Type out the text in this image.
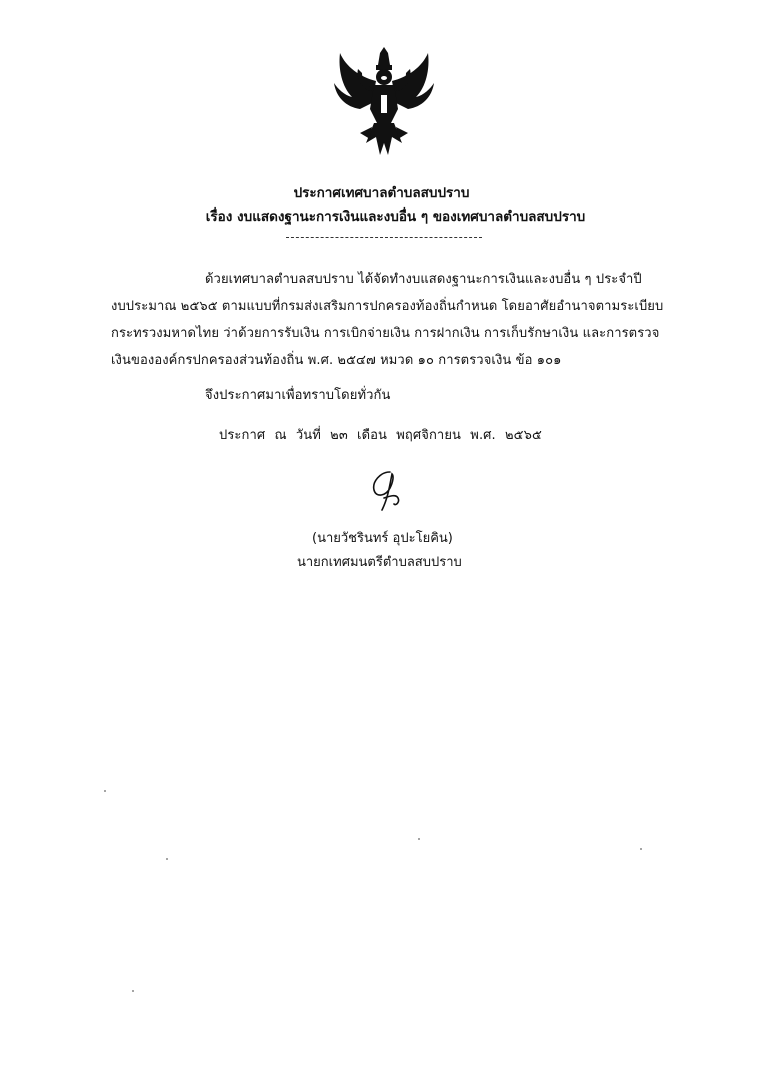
ประกาศเทศบาลตำบลสบปราบ
เรื่อง งบแสดงฐานะการเงินและงบอื่น ๆ ของเทศบาลตำบลสบปราบ
ด้วยเทศบาลตำบลสบปราบ ได้จัดทำงบแสดงฐานะการเงินและงบอื่น ๆ ประจำปี
งบประมาณ ๒๕๖๕ ตามแบบที่กรมส่งเสริมการปกครองท้องถิ่นกำหนด โดยอาศัยอำนาจตามระเบียบ
กระทรวงมหาดไทย ว่าด้วยการรับเงิน การเบิกจ่ายเงิน การฝากเงิน การเก็บรักษาเงิน และการตรวจ
เงินขององค์กรปกครองส่วนท้องถิ่น พ.ศ. ๒๕๔๗ หมวด ๑๐ การตรวจเงิน ข้อ ๑๐๑
จึงประกาศมาเพื่อทราบโดยทั่วกัน
ประกาศ ณ วันที่ ๒๓ เดือน พฤศจิกายน พ.ศ. ๒๕๖๕
(นายวัชรินทร์ อุปะโยคิน)
นายกเทศมนตรีตำบลสบปราบ
